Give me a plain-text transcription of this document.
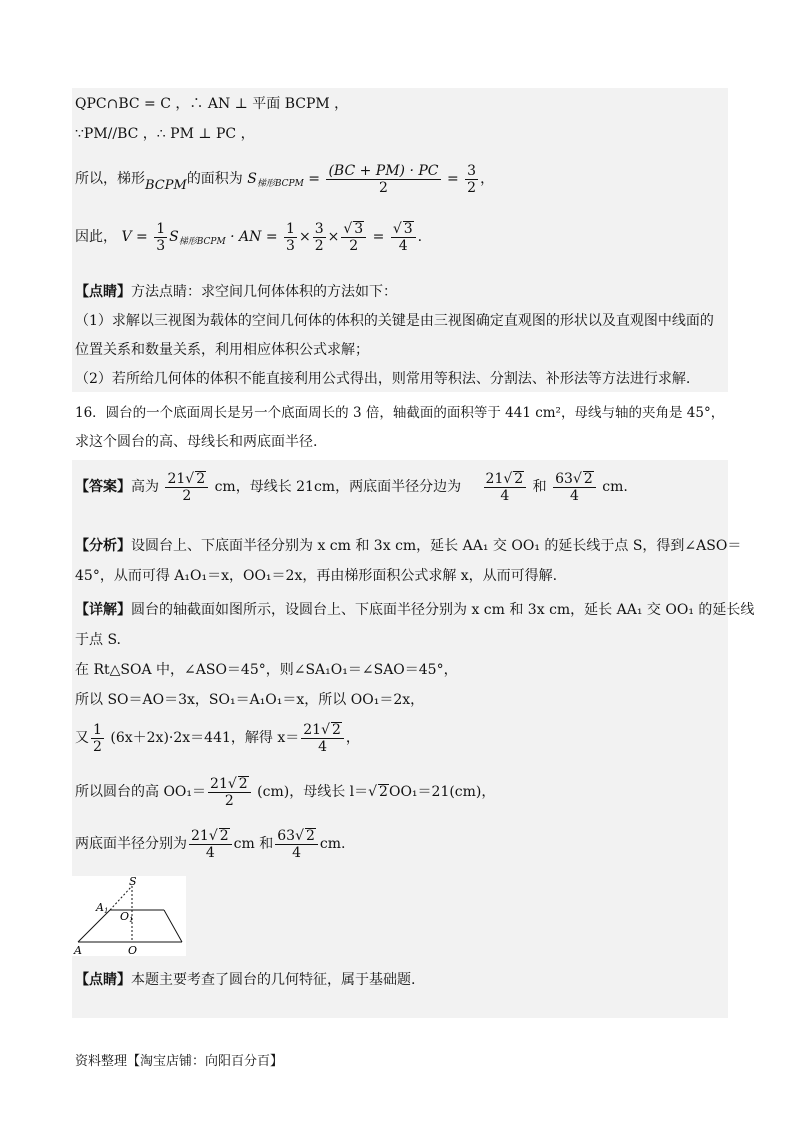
QPC∩BC = C ，∴ AN ⊥ 平面 BCPM ，
∵PM//BC ，∴ PM ⊥ PC ，
所以，梯形BCPM的面积为 $S_{梯形BCPM} = \frac{(BC + PM) \cdot PC}{2} = \frac{3}{2}$ ，
因此， $V = \frac{1}{3} S_{梯形BCPM}$ · AN = $\frac{1}{3} \times \frac{3}{2} \times \frac{√ 3}{2} = \frac{√ 3}{4}$ .
【点睛】方法点睛：求空间几何体体积的方法如下：
（1）求解以三视图为载体的空间几何体的体积的关键是由三视图确定直观图的形状以及直观图中线面的
位置关系和数量关系，利用相应体积公式求解；
（2）若所给几何体的体积不能直接利用公式得出，则常用等积法、分割法、补形法等方法进行求解.
16．圆台的一个底面周长是另一个底面周长的 3 倍，轴截面的面积等于 441 cm²，母线与轴的夹角是 45°，
求这个圆台的高、母线长和两底面半径.
【答案】高为 $\frac{21√ 2}{2}$ cm，母线长 21cm，两底面半径分边为 $\frac{21√ 2}{4}$ 和 $\frac{63√ 2}{4}$ cm.
【分析】设圆台上、下底面半径分别为 x cm 和 3x cm，延长 AA₁ 交 OO₁ 的延长线于点 S，得到∠ASO＝
45°，从而可得 A₁O₁＝x，OO₁＝2x，再由梯形面积公式求解 x，从而可得解.
【详解】圆台的轴截面如图所示，设圆台上、下底面半径分别为 x cm 和 3x cm，延长 AA₁ 交 OO₁ 的延长线
于点 S.
在 Rt△SOA 中，∠ASO＝45°，则∠SA₁O₁＝∠SAO＝45°，
所以 SO＝AO＝3x，SO₁＝A₁O₁＝x，所以 OO₁＝2x，
又 $\frac{1}{2} (6x+2x)\cdot 2x=441$，解得 $x= \frac{21√ 2}{4}$ ，
所以圆台的高 $OO_1= \frac{21√ 2}{2} (cm)$，母线长 l＝√ 2OO₁＝21(cm)，
两底面半径分别为 $\frac{21√ 2}{4}$ cm 和 $\frac{63√ 2}{4}$ cm.
S
A1 O1
A	O
【点睛】本题主要考查了圆台的几何特征，属于基础题.
资料整理【淘宝店铺：向阳百分百】
